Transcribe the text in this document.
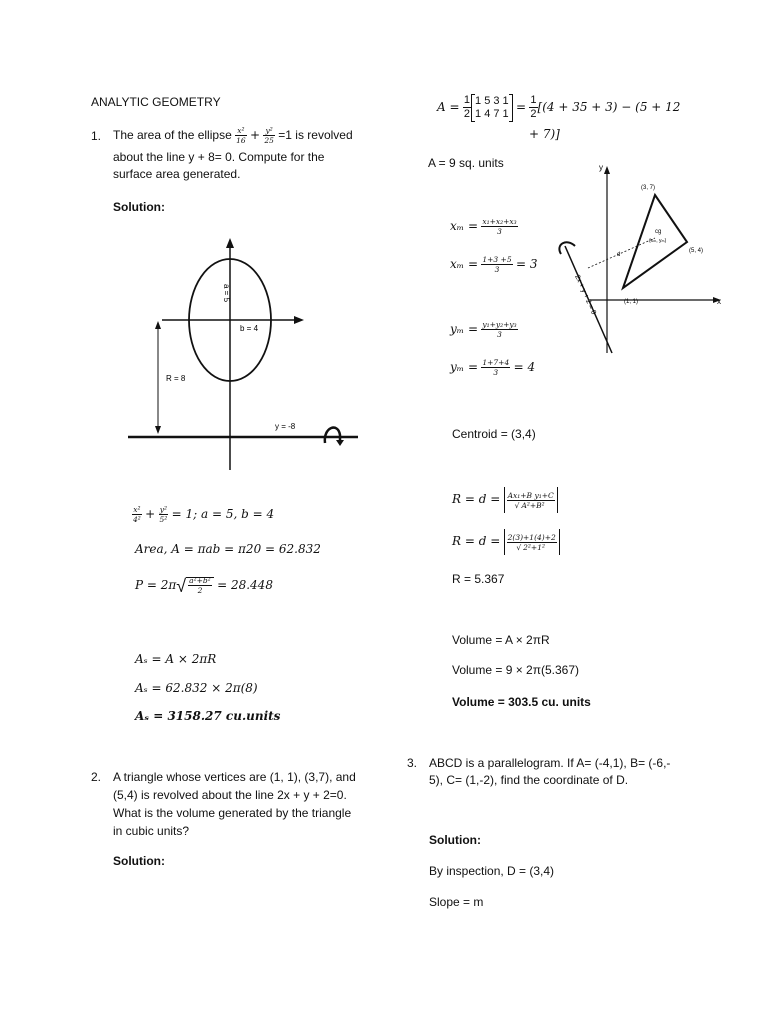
ANALYTIC GEOMETRY
1. The area of the ellipse $\frac{\text{x²}}{16} + \frac{\text{y²}}{25} =1$ is revolved
about the line y + 8= 0. Compute for the
surface area generated.
Solution:
a = 5
b = 4
R = 8
y = -8
$\frac{\text{x²}}{\text{4²}} + \frac{\text{y²}}{\text{5²}} = 1$; a = 5, b = 4
Area, A = πab = π20 = 62.832
$P = 2\pi√ \frac{\text{a²+b²}}{2} = 28.448$
Aₛ = A × 2πR
Aₛ = 62.832 × 2π(8)
Aₛ = 3158.27 cu.units
2. A triangle whose vertices are (1, 1), (3,7), and (5,4) is revolved about the line 2x + y + 2=0. What is the volume generated by the triangle in cubic units?

Solution:
$A = \frac{1}{2} 1$ 5 3 1
1 4 7 $1 = \frac{1}{2} [(4 + 35 + 3) - (5 + 12$
+ 7)]
A = 9 sq. units
$x_m = \frac{\text{x₁+x₂+x₃}}{3}$
$x_m = \frac{1+3 +5}{3} = 3$
$y_m = \frac{\text{y₁+y₂+y₃}}{3}$
$y_m = \frac{1+7+4}{3} = 4$
y
x
(3, 7)
(5, 4)
(1, 1)
cg
(xₘ, yₘ)
d
2x + y + 2 = 0
Centroid = (3,4)
$R = d = \frac{\text{Ax₁+B y₁+C}}{\text{√ A²+B²}}$
$R = d = \frac{2(3)+1(4)+2}{\text{√ 2²+1²}}$
R = 5.367
Volume = A × 2πR
Volume = 9 × 2π(5.367)
Volume = 303.5 cu. units
3. ABCD is a parallelogram. If A= (-4,1), B= (-6,-
5), C= (1,-2), find the coordinate of D.
Solution:
By inspection, D = (3,4)
Slope = m
